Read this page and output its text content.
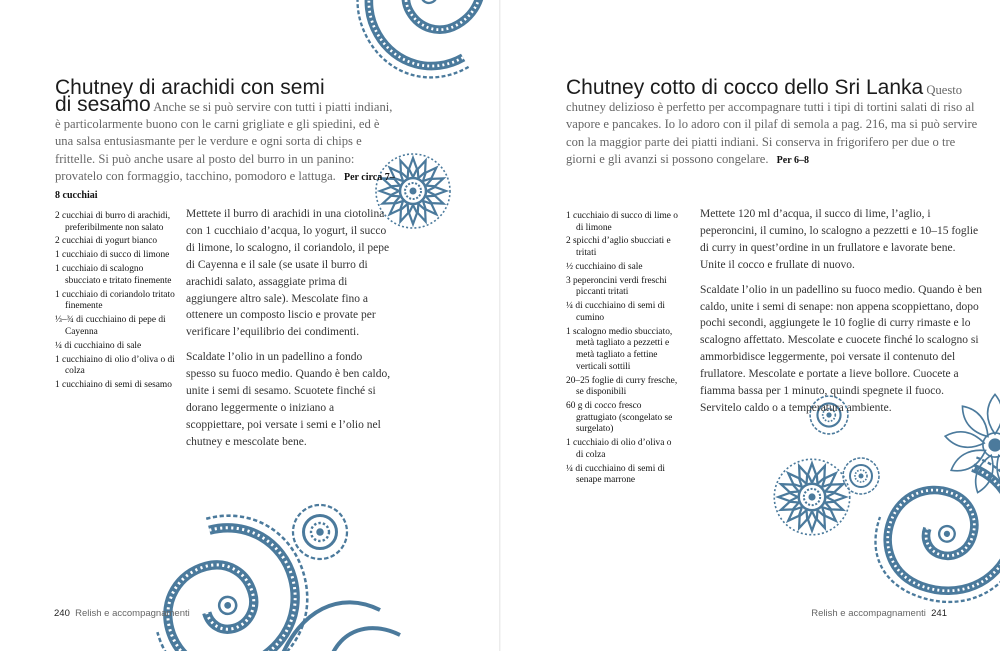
Chutney di arachidi con semi
di sesamo Anche se si può servire con tutti i piatti indiani, è particolarmente buono con le carni grigliate e gli spiedini, ed è una salsa entusiasmante per le verdure e ogni sorta di chips e frittelle. Si può anche usare al posto del burro in un panino: provatelo con formaggio, tacchino, pomodoro e lattuga. Per circa 7–8 cucchiai
2 cucchiai di burro di arachidi, preferibilmente non salato
2 cucchiai di yogurt bianco
1 cucchiaio di succo di limone
1 cucchiaio di scalogno sbucciato e tritato finemente
1 cucchiaio di coriandolo tritato finemente
⅓–¾ di cucchiaino di pepe di Cayenna
¼ di cucchiaino di sale
1 cucchiaino di olio d’oliva o di colza
1 cucchiaino di semi di sesamo

Mettete il burro di arachidi in una ciotolina con 1 cucchiaio d’acqua, lo yogurt, il succo di limone, lo scalogno, il coriandolo, il pepe di Cayenna e il sale (se usate il burro di arachidi salato, assaggiate prima di aggiungere altro sale). Mescolate fino a ottenere un composto liscio e provate per verificare l’equilibrio dei condimenti.

Scaldate l’olio in un padellino a fondo spesso su fuoco medio. Quando è ben caldo, unite i semi di sesamo. Scuotete finché si dorano leggermente o iniziano a scoppiettare, poi versate i semi e l’olio nel chutney e mescolate bene.

240 Relish e accompagnamenti
Chutney cotto di cocco dello Sri Lanka Questo chutney delizioso è perfetto per accompagnare tutti i tipi di tortini salati di riso al vapore e pancakes. Io lo adoro con il pilaf di semola a pag. 216, ma si può servire con la maggior parte dei piatti indiani. Si conserva in frigorifero per due o tre giorni e gli avanzi si possono congelare. Per 6–8
1 cucchiaio di succo di lime o di limone
2 spicchi d’aglio sbucciati e tritati
½ cucchiaino di sale
3 peperoncini verdi freschi piccanti tritati
¼ di cucchiaino di semi di cumino
1 scalogno medio sbucciato, metà tagliato a pezzetti e metà tagliato a fettine verticali sottili
20–25 foglie di curry fresche, se disponibili
60 g di cocco fresco grattugiato (scongelato se surgelato)
1 cucchiaio di olio d’oliva o di colza
¼ di cucchiaino di semi di senape marrone

Mettete 120 ml d’acqua, il succo di lime, l’aglio, i peperoncini, il cumino, lo scalogno a pezzetti e 10–15 foglie di curry in quest’ordine in un frullatore e lavorate bene. Unite il cocco e frullate di nuovo.

Scaldate l’olio in un padellino su fuoco medio. Quando è ben caldo, unite i semi di senape: non appena scoppiettano, dopo pochi secondi, aggiungete le 10 foglie di curry rimaste e lo scalogno affettato. Mescolate e cuocete finché lo scalogno si ammorbidisce leggermente, poi versate il contenuto del frullatore. Mescolate e portate a lieve bollore. Cuocete a fiamma bassa per 1 minuto, quindi spegnete il fuoco. Servitelo caldo o a temperatura ambiente.

Relish e accompagnamenti 241
